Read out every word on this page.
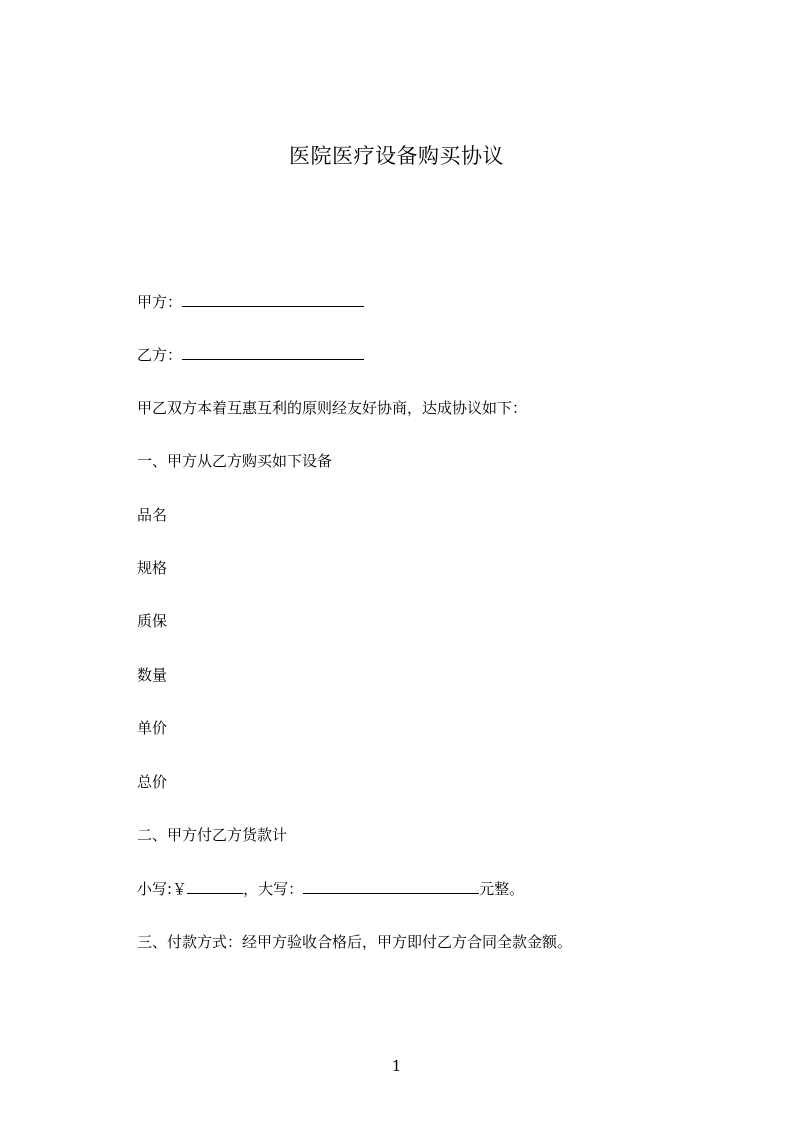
医院医疗设备购买协议
甲方：
乙方：
甲乙双方本着互惠互利的原则经友好协商，达成协议如下：
一、甲方从乙方购买如下设备
品名
规格
质保
数量
单价
总价
二、甲方付乙方货款计
小写:￥	，大写：	元整。
三、付款方式：经甲方验收合格后，甲方即付乙方合同全款金额。
1
